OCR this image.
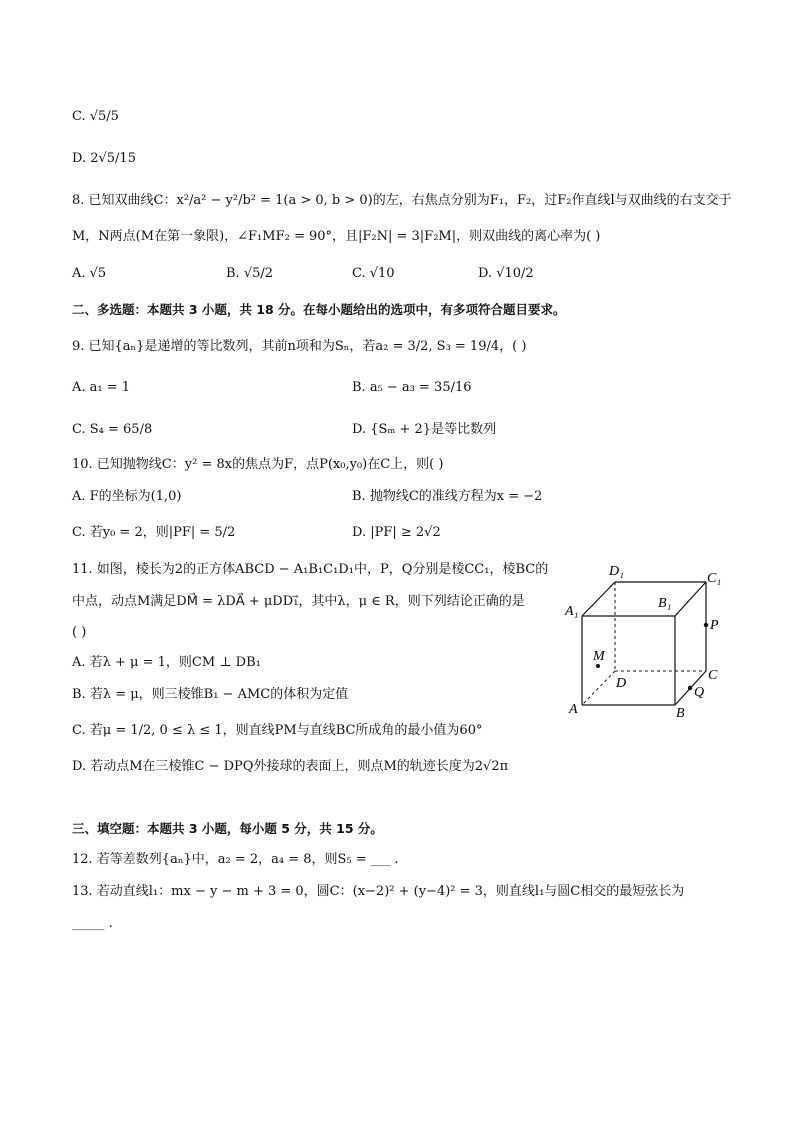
C. √5/5
D. 2√5/15
8. 已知双曲线C：x²/a² − y²/b² = 1(a > 0, b > 0)的左，右焦点分别为F₁，F₂，过F₂作直线l与双曲线的右支交于
M，N两点(M在第一象限)，∠F₁MF₂ = 90°，且|F₂N| = 3|F₂M|，则双曲线的离心率为( )
A. √5	B. √5/2	C. √10	D. √10/2
二、多选题：本题共 3 小题，共 18 分。在每小题给出的选项中，有多项符合题目要求。
9. 已知{aₙ}是递增的等比数列，其前n项和为Sₙ，若a₂ = 3/2, S₃ = 19/4，( )
A. a₁ = 1	B. a₅ − a₃ = 35/16
C. S₄ = 65/8	D. {Sₘ + 2}是等比数列
10. 已知抛物线C：y² = 8x的焦点为F，点P(x₀,y₀)在C上，则( )
A. F的坐标为(1,0)	B. 抛物线C的准线方程为x = −2
C. 若y₀ = 2，则|PF| = 5/2	D. |PF| ≥ 2√2
11. 如图，棱长为2的正方体ABCD − A₁B₁C₁D₁中，P，Q分别是棱CC₁，棱BC的
中点，动点M满足DM⃗ = λDA⃗ + μDD₁⃗，其中λ，μ ∈ R，则下列结论正确的是
( )
A. 若λ + μ = 1，则CM ⊥ DB₁
B. 若λ = μ，则三棱锥B₁ − AMC的体积为定值
C. 若μ = 1/2, 0 ≤ λ ≤ 1，则直线PM与直线BC所成角的最小值为60°
D. 若动点M在三棱锥C − DPQ外接球的表面上，则点M的轨迹长度为2√2π
D₁	C₁
A₁
B₁
P
M
D
C
Q
A	B
三、填空题：本题共 3 小题，每小题 5 分，共 15 分。
12. 若等差数列{aₙ}中，a₂ = 2，a₄ = 8，则S₅ = ___ .
13. 若动直线l₁：mx − y − m + 3 = 0，圆C：(x−2)² + (y−4)² = 3，则直线l₁与圆C相交的最短弦长为
_____ .
